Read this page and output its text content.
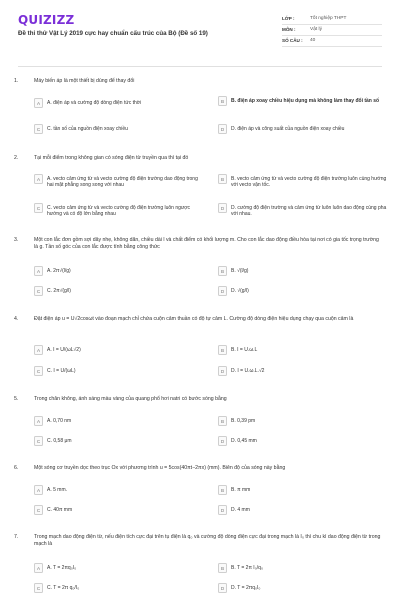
QUIZIZZ
Đề thi thử Vật Lý 2019 cực hay chuẩn cấu trúc của Bộ (Đề số 19)
LỚP :	Tốt nghiệp THPT
MÔN :	Vật lý
SỐ CÂU :	40
1.	Máy biến áp là một thiết bị dùng để thay đổi
A	A. điện áp và cường độ dòng điện tức thời	B	B. điện áp xoay chiều hiệu dụng mà không làm thay đổi tần số
C	C. tần số của nguồn điện xoay chiều	D	D. điện áp và công suất của nguồn điện xoay chiều
2.	Tại mỗi điểm trong không gian có sóng điện từ truyền qua thì tại đó
A	A. vecto cảm ứng từ và vecto cường độ điện trường dao động trong hai mặt phẳng song song với nhau
B	B. vecto cảm ứng từ và vecto cường độ điện trường luôn cùng hướng với vecto vận tốc.
C	C. vecto cảm ứng từ và vecto cường độ điện trường luôn ngược hướng và có độ lớn bằng nhau
D	D. cường độ điện trường và cảm ứng từ luôn luôn dao động cùng pha với nhau.
3.	Một con lắc đơn gồm sợi dây nhẹ, không dãn, chiều dài l và chất điểm có khối lượng m. Cho con lắc dao động điều hòa tại nơi có gia tốc trọng trường là g. Tần số góc của con lắc được tính bằng công thức
A	A. 2π√(l/g)	B	B. √(l/g)
C	C. 2π√(g/l)	D	D. √(g/l)
4.	Đặt điện áp u = U√2cosωt vào đoạn mạch chỉ chứa cuộn cảm thuần có độ tự cảm L. Cường độ dòng điện hiệu dụng chạy qua cuộn cảm là
A	A. I = U/(ωL√2)	B	B. I = U.ω.L
C	C. I = U/(ωL)	D	D. I = U.ω.L.√2
5.	Trong chân không, ánh sáng màu vàng của quang phổ hơi natri có bước sóng bằng
A	A. 0,70 nm	B	B. 0,39 pm
C	C. 0,58 μm	D	D. 0,45 mm
6.	Một sóng cơ truyền dọc theo trục Ox với phương trình u = 5cos(40πt−2πx) (mm). Biên độ của sóng này bằng
A	A. 5 mm.	B	B. π mm
C	C. 40π mm	D	D. 4 mm
7.	Trong mạch dao động điện từ, nếu điện tích cực đại trên tụ điện là q₀ và cường độ dòng điện cực đại trong mạch là I₀ thì chu kì dao động điện từ trong mạch là
A	A. T = 2πq₀I₀	B	B. T = 2π I₀/q₀
C	C. T = 2π q₀/I₀	D	D. T = 2πq₀I₀
